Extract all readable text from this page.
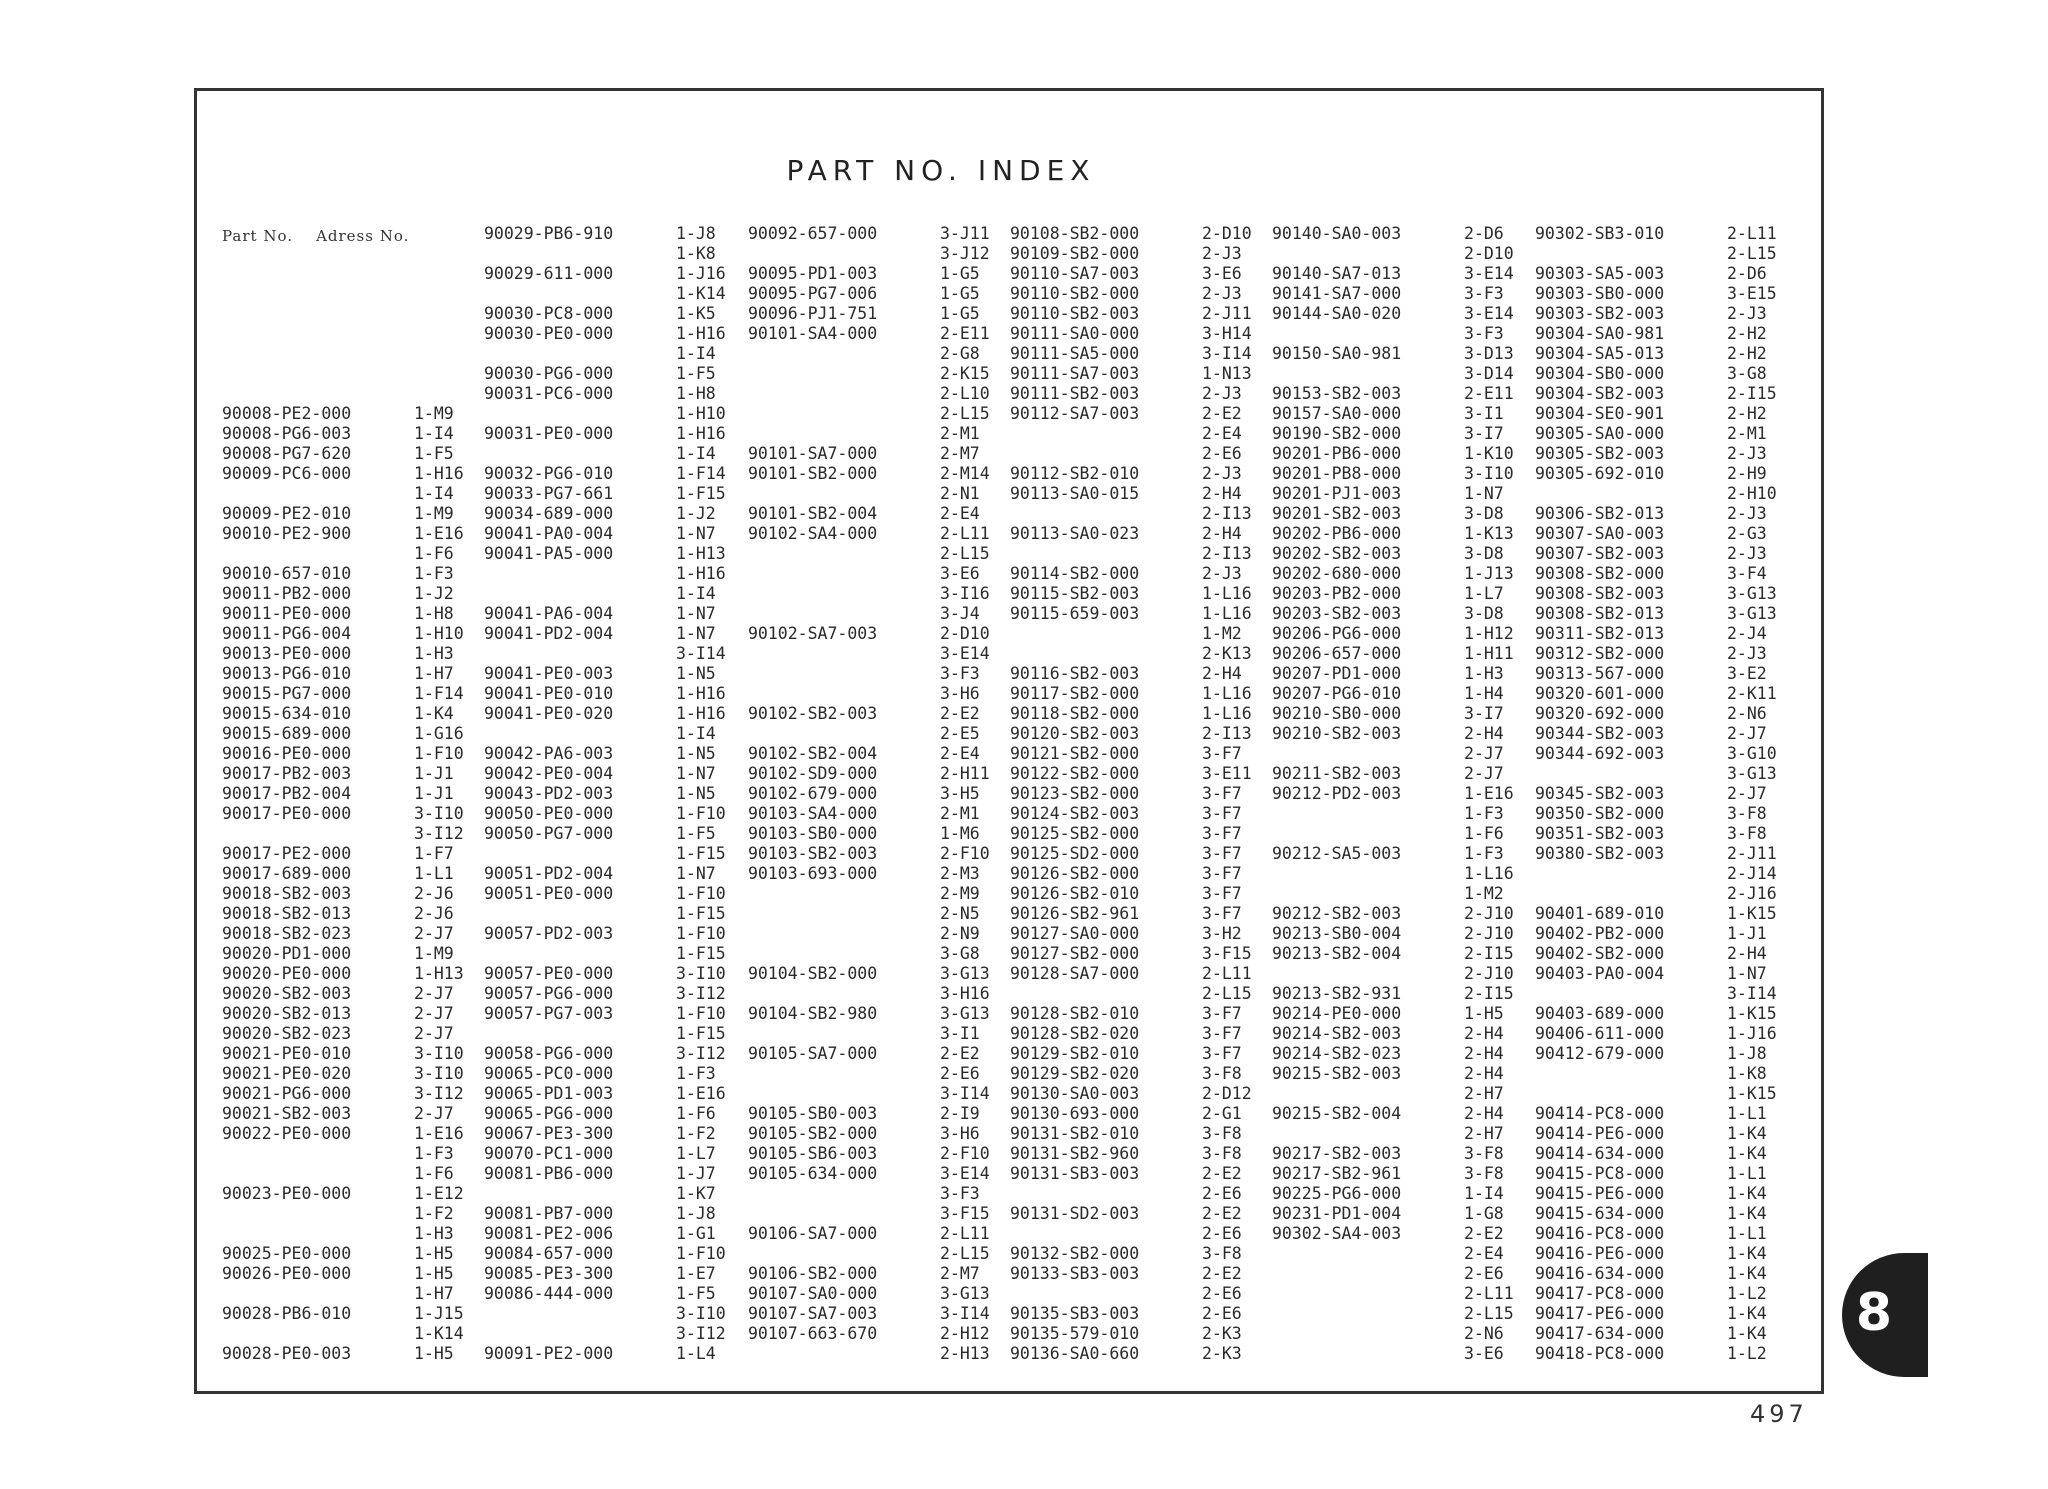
PART NO. INDEX
Part No. Adress No.
90008-PE2-000	1-M9
90008-PG6-003	1-I4
90008-PG7-620	1-F5
90009-PC6-000	1-H16
1-I4
90009-PE2-010	1-M9
90010-PE2-900	1-E16
1-F6
90010-657-010	1-F3
90011-PB2-000	1-J2
90011-PE0-000	1-H8
90011-PG6-004	1-H10
90013-PE0-000	1-H3
90013-PG6-010	1-H7
90015-PG7-000	1-F14
90015-634-010	1-K4
90015-689-000	1-G16
90016-PE0-000	1-F10
90017-PB2-003	1-J1
90017-PB2-004	1-J1
90017-PE0-000	3-I10
3-I12
90017-PE2-000	1-F7
90017-689-000	1-L1
90018-SB2-003	2-J6
90018-SB2-013	2-J6
90018-SB2-023	2-J7
90020-PD1-000	1-M9
90020-PE0-000	1-H13
90020-SB2-003	2-J7
90020-SB2-013	2-J7
90020-SB2-023	2-J7
90021-PE0-010	3-I10
90021-PE0-020	3-I10
90021-PG6-000	3-I12
90021-SB2-003	2-J7
90022-PE0-000	1-E16
1-F3
1-F6
90023-PE0-000	1-E12
1-F2
1-H3
90025-PE0-000	1-H5
90026-PE0-000	1-H5
1-H7
90028-PB6-010	1-J15
1-K14
90028-PE0-003	1-H5
90029-PB6-910	1-J8
1-K8
90029-611-000	1-J16
1-K14
90030-PC8-000	1-K5
90030-PE0-000	1-H16
1-I4
90030-PG6-000	1-F5
90031-PC6-000	1-H8
1-H10
90031-PE0-000	1-H16
1-I4
90032-PG6-010	1-F14
90033-PG7-661	1-F15
90034-689-000	1-J2
90041-PA0-004	1-N7
90041-PA5-000	1-H13
1-H16
1-I4
90041-PA6-004	1-N7
90041-PD2-004	1-N7
3-I14
90041-PE0-003	1-N5
90041-PE0-010	1-H16
90041-PE0-020	1-H16
1-I4
90042-PA6-003	1-N5
90042-PE0-004	1-N7
90043-PD2-003	1-N5
90050-PE0-000	1-F10
90050-PG7-000	1-F5
1-F15
90051-PD2-004	1-N7
90051-PE0-000	1-F10
1-F15
90057-PD2-003	1-F10
1-F15
90057-PE0-000	3-I10
90057-PG6-000	3-I12
90057-PG7-003	1-F10
1-F15
90058-PG6-000	3-I12
90065-PC0-000	1-F3
90065-PD1-003	1-E16
90065-PG6-000	1-F6
90067-PE3-300	1-F2
90070-PC1-000	1-L7
90081-PB6-000	1-J7
1-K7
90081-PB7-000	1-J8
90081-PE2-006	1-G1
90084-657-000	1-F10
90085-PE3-300	1-E7
90086-444-000	1-F5
3-I10
3-I12
90091-PE2-000	1-L4
90092-657-000	3-J11
3-J12
90095-PD1-003	1-G5
90095-PG7-006	1-G5
90096-PJ1-751	1-G5
90101-SA4-000	2-E11
2-G8
2-K15
2-L10
2-L15
2-M1
90101-SA7-000	2-M7
90101-SB2-000	2-M14
2-N1
90101-SB2-004	2-E4
90102-SA4-000	2-L11
2-L15
3-E6
3-I16
3-J4
90102-SA7-003	2-D10
3-E14
3-F3
3-H6
90102-SB2-003	2-E2
2-E5
90102-SB2-004	2-E4
90102-SD9-000	2-H11
90102-679-000	3-H5
90103-SA4-000	2-M1
90103-SB0-000	1-M6
90103-SB2-003	2-F10
90103-693-000	2-M3
2-M9
2-N5
2-N9
3-G8
90104-SB2-000	3-G13
3-H16
90104-SB2-980	3-G13
3-I1
90105-SA7-000	2-E2
2-E6
3-I14
90105-SB0-003	2-I9
90105-SB2-000	3-H6
90105-SB6-003	2-F10
90105-634-000	3-E14
3-F3
3-F15
90106-SA7-000	2-L11
2-L15
90106-SB2-000	2-M7
90107-SA0-000	3-G13
90107-SA7-003	3-I14
90107-663-670	2-H12
2-H13
90108-SB2-000	2-D10
90109-SB2-000	2-J3
90110-SA7-003	3-E6
90110-SB2-000	2-J3
90110-SB2-003	2-J11
90111-SA0-000	3-H14
90111-SA5-000	3-I14
90111-SA7-003	1-N13
90111-SB2-003	2-J3
90112-SA7-003	2-E2
2-E4
2-E6
90112-SB2-010	2-J3
90113-SA0-015	2-H4
2-I13
90113-SA0-023	2-H4
2-I13
90114-SB2-000	2-J3
90115-SB2-003	1-L16
90115-659-003	1-L16
1-M2
2-K13
90116-SB2-003	2-H4
90117-SB2-000	1-L16
90118-SB2-000	1-L16
90120-SB2-003	2-I13
90121-SB2-000	3-F7
90122-SB2-000	3-E11
90123-SB2-000	3-F7
90124-SB2-003	3-F7
90125-SB2-000	3-F7
90125-SD2-000	3-F7
90126-SB2-000	3-F7
90126-SB2-010	3-F7
90126-SB2-961	3-F7
90127-SA0-000	3-H2
90127-SB2-000	3-F15
90128-SA7-000	2-L11
2-L15
90128-SB2-010	3-F7
90128-SB2-020	3-F7
90129-SB2-010	3-F7
90129-SB2-020	3-F8
90130-SA0-003	2-D12
90130-693-000	2-G1
90131-SB2-010	3-F8
90131-SB2-960	3-F8
90131-SB3-003	2-E2
2-E6
90131-SD2-003	2-E2
2-E6
90132-SB2-000	3-F8
90133-SB3-003	2-E2
2-E6
90135-SB3-003	2-E6
90135-579-010	2-K3
90136-SA0-660	2-K3
90140-SA0-003	2-D6
2-D10
90140-SA7-013	3-E14
90141-SA7-000	3-F3
90144-SA0-020	3-E14
3-F3
90150-SA0-981	3-D13
3-D14
90153-SB2-003	2-E11
90157-SA0-000	3-I1
90190-SB2-000	3-I7
90201-PB6-000	1-K10
90201-PB8-000	3-I10
90201-PJ1-003	1-N7
90201-SB2-003	3-D8
90202-PB6-000	1-K13
90202-SB2-003	3-D8
90202-680-000	1-J13
90203-PB2-000	1-L7
90203-SB2-003	3-D8
90206-PG6-000	1-H12
90206-657-000	1-H11
90207-PD1-000	1-H3
90207-PG6-010	1-H4
90210-SB0-000	3-I7
90210-SB2-003	2-H4
2-J7
90211-SB2-003	2-J7
90212-PD2-003	1-E16
1-F3
1-F6
90212-SA5-003	1-F3
1-L16
1-M2
90212-SB2-003	2-J10
90213-SB0-004	2-J10
90213-SB2-004	2-I15
2-J10
90213-SB2-931	2-I15
90214-PE0-000	1-H5
90214-SB2-003	2-H4
90214-SB2-023	2-H4
90215-SB2-003	2-H4
2-H7
90215-SB2-004	2-H4
2-H7
90217-SB2-003	3-F8
90217-SB2-961	3-F8
90225-PG6-000	1-I4
90231-PD1-004	1-G8
90302-SA4-003	2-E2
2-E4
2-E6
2-L11
2-L15
2-N6
3-E6
90302-SB3-010	2-L11
2-L15
90303-SA5-003	2-D6
90303-SB0-000	3-E15
90303-SB2-003	2-J3
90304-SA0-981	2-H2
90304-SA5-013	2-H2
90304-SB0-000	3-G8
90304-SB2-003	2-I15
90304-SE0-901	2-H2
90305-SA0-000	2-M1
90305-SB2-003	2-J3
90305-692-010	2-H9
2-H10
90306-SB2-013	2-J3
90307-SA0-003	2-G3
90307-SB2-003	2-J3
90308-SB2-000	3-F4
90308-SB2-003	3-G13
90308-SB2-013	3-G13
90311-SB2-013	2-J4
90312-SB2-000	2-J3
90313-567-000	3-E2
90320-601-000	2-K11
90320-692-000	2-N6
90344-SB2-003	2-J7
90344-692-003	3-G10
3-G13
90345-SB2-003	2-J7
90350-SB2-000	3-F8
90351-SB2-003	3-F8
90380-SB2-003	2-J11
2-J14
2-J16
90401-689-010	1-K15
90402-PB2-000	1-J1
90402-SB2-000	2-H4
90403-PA0-004	1-N7
3-I14
90403-689-000	1-K15
90406-611-000	1-J16
90412-679-000	1-J8
1-K8
1-K15
90414-PC8-000	1-L1
90414-PE6-000	1-K4
90414-634-000	1-K4
90415-PC8-000	1-L1
90415-PE6-000	1-K4
90415-634-000	1-K4
90416-PC8-000	1-L1
90416-PE6-000	1-K4
90416-634-000	1-K4
90417-PC8-000	1-L2
90417-PE6-000	1-K4
90417-634-000	1-K4
90418-PC8-000	1-L2
8
497
